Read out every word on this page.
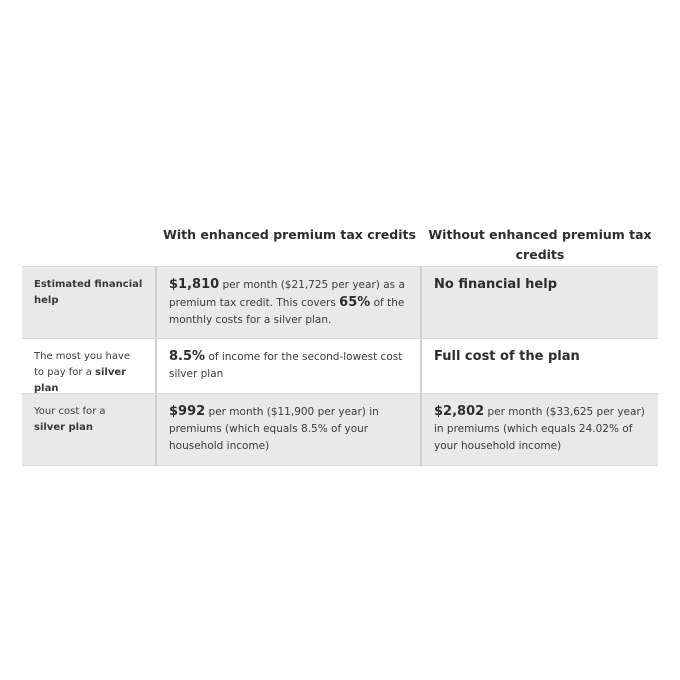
With enhanced premium tax credits	Without enhanced premium tax credits
Estimated financial help
$1,810 per month ($21,725 per year) as a premium tax credit. This covers 65% of the monthly costs for a silver plan.
No financial help
The most you have to pay for a silver plan
8.5% of income for the second-lowest cost silver plan
Full cost of the plan
Your cost for a
silver plan
$992 per month ($11,900 per year) in premiums (which equals 8.5% of your household income)
$2,802 per month ($33,625 per year) in premiums (which equals 24.02% of your household income)
